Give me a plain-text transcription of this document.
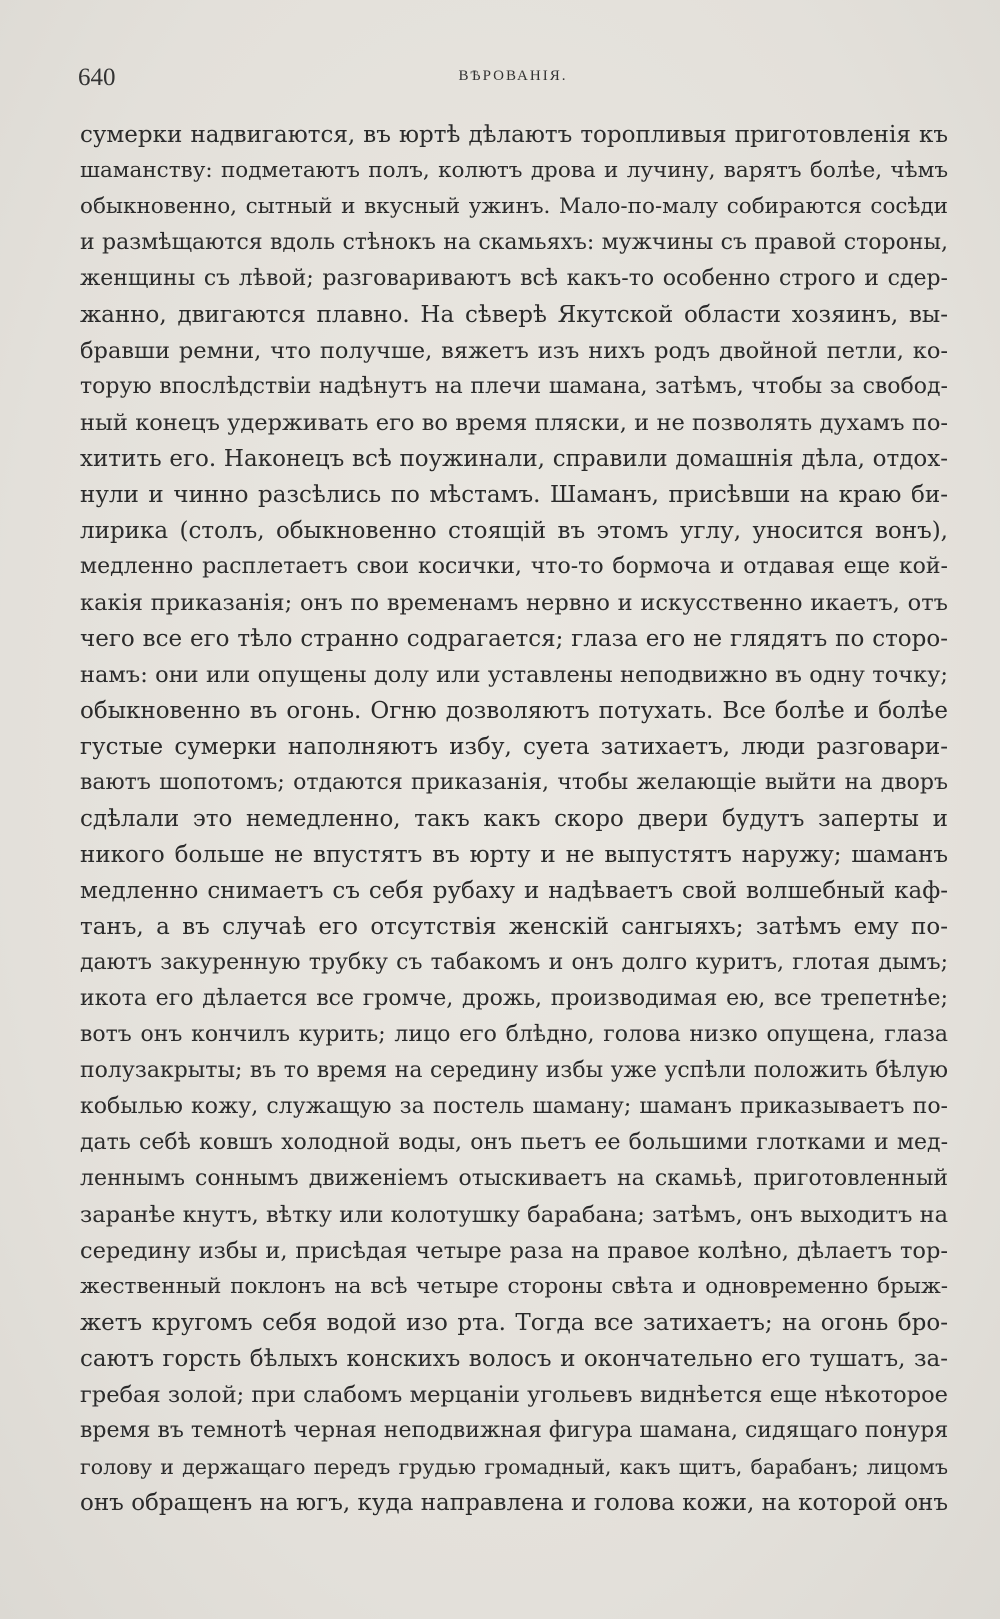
640	ВѢРОВАНІЯ.
сумерки надвигаются, въ юртѣ дѣлаютъ торопливыя приготовленія къ
шаманству: подметаютъ полъ, колютъ дрова и лучину, варятъ болѣе, чѣмъ
обыкновенно, сытный и вкусный ужинъ. Мало-по-малу собираются сосѣди
и размѣщаются вдоль стѣнокъ на скамьяхъ: мужчины съ правой стороны,
женщины съ лѣвой; разговариваютъ всѣ какъ-то особенно строго и сдер-
жанно, двигаются плавно. На сѣверѣ Якутской области хозяинъ, вы-
бравши ремни, что получше, вяжетъ изъ нихъ родъ двойной петли, ко-
торую впослѣдствіи надѣнутъ на плечи шамана, затѣмъ, чтобы за свобод-
ный конецъ удерживать его во время пляски, и не позволять духамъ по-
хитить его. Наконецъ всѣ поужинали, справили домашнія дѣла, отдох-
нули и чинно разсѣлись по мѣстамъ. Шаманъ, присѣвши на краю би-
лирика (столъ, обыкновенно стоящій въ этомъ углу, уносится вонъ),
медленно расплетаетъ свои косички, что-то бормоча и отдавая еще кой-
какія приказанія; онъ по временамъ нервно и искусственно икаетъ, отъ
чего все его тѣло странно содрагается; глаза его не глядятъ по сторо-
намъ: они или опущены долу или уставлены неподвижно въ одну точку;
обыкновенно въ огонь. Огню дозволяютъ потухать. Все болѣе и болѣе
густые сумерки наполняютъ избу, суета затихаетъ, люди разговари-
ваютъ шопотомъ; отдаются приказанія, чтобы желающіе выйти на дворъ
сдѣлали это немедленно, такъ какъ скоро двери будутъ заперты и
никого больше не впустятъ въ юрту и не выпустятъ наружу; шаманъ
медленно снимаетъ съ себя рубаху и надѣваетъ свой волшебный каф-
танъ, а въ случаѣ его отсутствія женскій сангыяхъ; затѣмъ ему по-
даютъ закуренную трубку съ табакомъ и онъ долго куритъ, глотая дымъ;
икота его дѣлается все громче, дрожь, производимая ею, все трепетнѣе;
вотъ онъ кончилъ курить; лицо его блѣдно, голова низко опущена, глаза
полузакрыты; въ то время на середину избы уже успѣли положить бѣлую
кобылью кожу, служащую за постель шаману; шаманъ приказываетъ по-
дать себѣ ковшъ холодной воды, онъ пьетъ ее большими глотками и мед-
леннымъ соннымъ движеніемъ отыскиваетъ на скамьѣ, приготовленный
заранѣе кнутъ, вѣтку или колотушку барабана; затѣмъ, онъ выходитъ на
середину избы и, присѣдая четыре раза на правое колѣно, дѣлаетъ тор-
жественный поклонъ на всѣ четыре стороны свѣта и одновременно брыж-
жетъ кругомъ себя водой изо рта. Тогда все затихаетъ; на огонь бро-
саютъ горсть бѣлыхъ конскихъ волосъ и окончательно его тушатъ, за-
гребая золой; при слабомъ мерцаніи угольевъ виднѣется еще нѣкоторое
время въ темнотѣ черная неподвижная фигура шамана, сидящаго понуря
голову и держащаго передъ грудью громадный, какъ щитъ, барабанъ; лицомъ
онъ обращенъ на югъ, куда направлена и голова кожи, на которой онъ
